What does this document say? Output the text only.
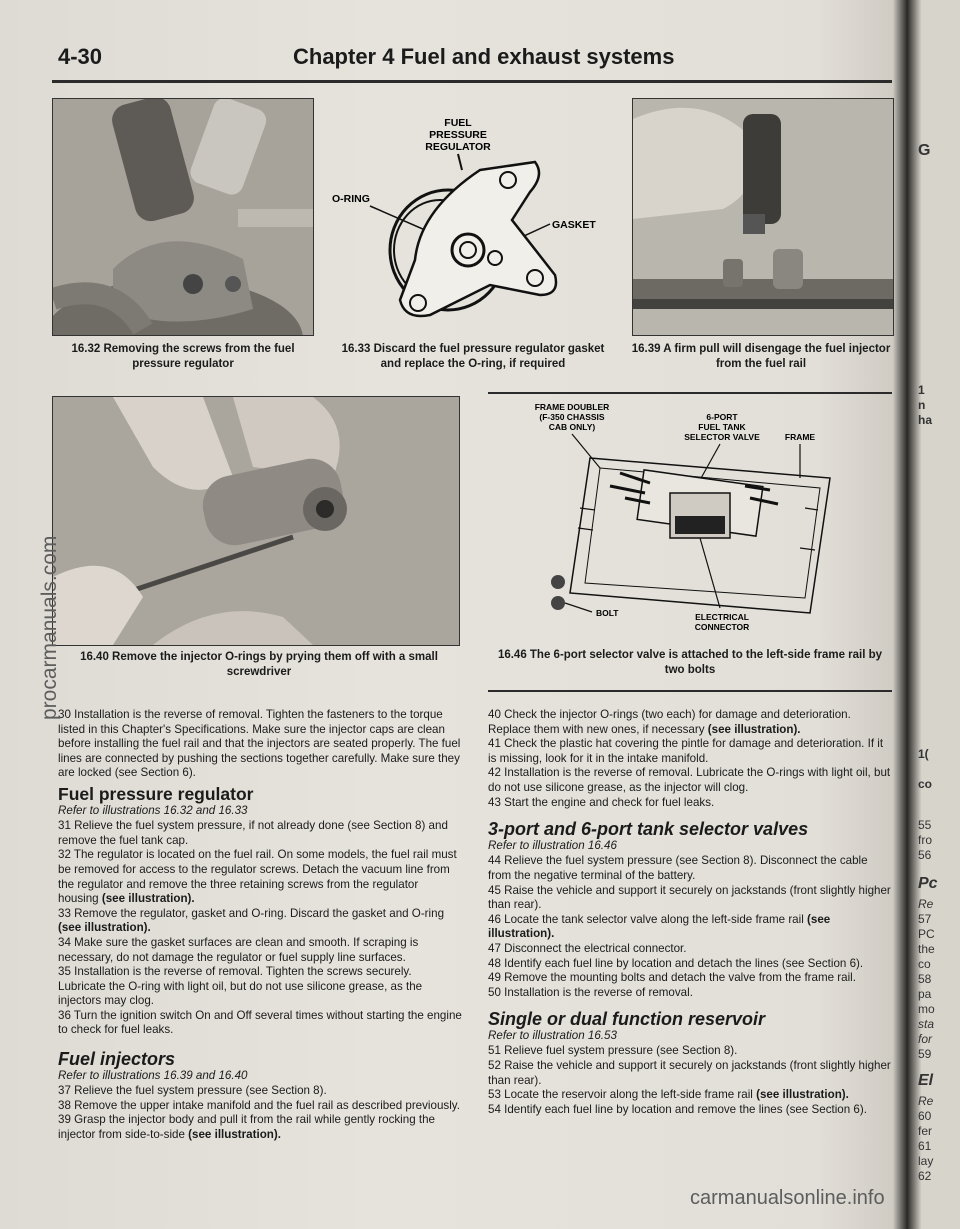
4-30	Chapter 4 Fuel and exhaust systems
16.32 Removing the screws from the fuel pressure regulator
FUEL
PRESSURE
REGULATOR
O-RING
GASKET
16.33 Discard the fuel pressure regulator gasket and replace the O-ring, if required
16.39 A firm pull will disengage the fuel injector from the fuel rail
16.40 Remove the injector O-rings by prying them off with a small screwdriver
FRAME DOUBLER
(F-350 CHASSIS
CAB ONLY)
6-PORT
FUEL TANK
SELECTOR VALVE	FRAME
BOLT	ELECTRICAL
CONNECTOR
16.46 The 6-port selector valve is attached to the left-side frame rail by two bolts

30 Installation is the reverse of removal. Tighten the fasteners to the torque listed in this Chapter's Specifications. Make sure the injector caps are clean before installing the fuel rail and that the injectors are seated properly. The fuel lines are connected by pushing the sections together carefully. Make sure they are locked (see Section 6).

Fuel pressure regulator

Refer to illustrations 16.32 and 16.33

31 Relieve the fuel system pressure, if not already done (see Section 8) and remove the fuel tank cap.

32 The regulator is located on the fuel rail. On some models, the fuel rail must be removed for access to the regulator screws. Detach the vacuum line from the regulator and remove the three retaining screws from the regulator housing (see illustration).

33 Remove the regulator, gasket and O-ring. Discard the gasket and O-ring (see illustration).

34 Make sure the gasket surfaces are clean and smooth. If scraping is necessary, do not damage the regulator or fuel supply line surfaces.

35 Installation is the reverse of removal. Tighten the screws securely. Lubricate the O-ring with light oil, but do not use silicone grease, as the injectors may clog.

36 Turn the ignition switch On and Off several times without starting the engine to check for fuel leaks.

Fuel injectors

Refer to illustrations 16.39 and 16.40

37 Relieve the fuel system pressure (see Section 8).

38 Remove the upper intake manifold and the fuel rail as described previously.

39 Grasp the injector body and pull it from the rail while gently rocking the injector from side-to-side (see illustration).

40 Check the injector O-rings (two each) for damage and deterioration. Replace them with new ones, if necessary (see illustration).

41 Check the plastic hat covering the pintle for damage and deterioration. If it is missing, look for it in the intake manifold.

42 Installation is the reverse of removal. Lubricate the O-rings with light oil, but do not use silicone grease, as the injector will clog.

43 Start the engine and check for fuel leaks.

3-port and 6-port tank selector valves

Refer to illustration 16.46

44 Relieve the fuel system pressure (see Section 8). Disconnect the cable from the negative terminal of the battery.

45 Raise the vehicle and support it securely on jackstands (front slightly higher than rear).

46 Locate the tank selector valve along the left-side frame rail (see illustration).

47 Disconnect the electrical connector.

48 Identify each fuel line by location and detach the lines (see Section 6).

49 Remove the mounting bolts and detach the valve from the frame rail.

50 Installation is the reverse of removal.

Single or dual function reservoir

Refer to illustration 16.53

51 Relieve fuel system pressure (see Section 8).

52 Raise the vehicle and support it securely on jackstands (front slightly higher than rear).

53 Locate the reservoir along the left-side frame rail (see illustration).

54 Identify each fuel line by location and remove the lines (see Section 6).

G
1
n
ha
1(
co
55
fro
56
Pc
Re
57
PC
the
co
58
pa
mo
sta
for
59
El
Re
60
fer
61
lay
62
procarmanuals.com
carmanualsonline.info
